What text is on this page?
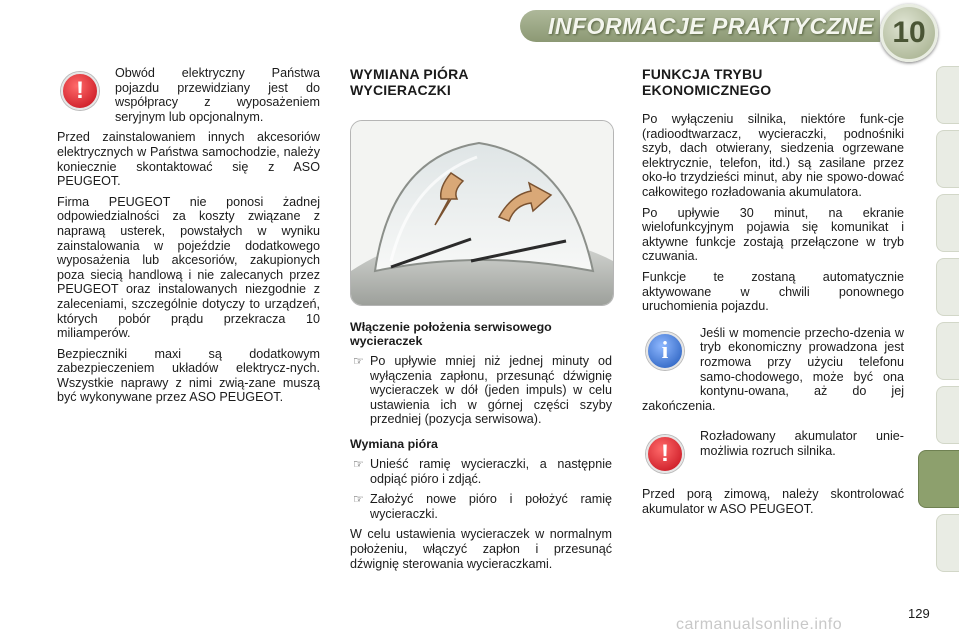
INFORMACJE PRAKTYCZNE 10
!

Obwód elektryczny Państwa pojazdu przewidziany jest do współpracy z wyposażeniem seryjnym lub opcjonalnym.

Przed zainstalowaniem innych akcesoriów elektrycznych w Państwa samochodzie, należy koniecznie skontaktować się z ASO PEUGEOT.

Firma PEUGEOT nie ponosi żadnej odpowiedzialności za koszty związane z naprawą usterek, powstałych w wyniku zainstalowania w pojeździe dodatkowego wyposażenia lub akcesoriów, zakupionych poza siecią handlową i nie zalecanych przez PEUGEOT oraz instalowanych niezgodnie z zaleceniami, szczególnie dotyczy to urządzeń, których pobór prądu przekracza 10 miliamperów.

Bezpieczniki maxi są dodatkowym zabezpieczeniem układów elektrycz-nych. Wszystkie naprawy z nimi zwią-zane muszą być wykonywane przez ASO PEUGEOT.

WYMIANA PIÓRA
WYCIERACZKI
Włączenie położenia serwisowego wycieraczek
☞ Po upływie mniej niż jednej minuty od wyłączenia zapłonu, przesunąć dźwignię wycieraczek w dół (jeden impuls) w celu ustawienia ich w górnej części szyby przedniej (pozycja serwisowa).
Wymiana pióra
☞ Unieść ramię wycieraczki, a następnie odpiąć pióro i zdjąć.
☞ Założyć nowe pióro i położyć ramię wycieraczki.

W celu ustawienia wycieraczek w normalnym położeniu, włączyć zapłon i przesunąć dźwignię sterowania wycieraczkami.

FUNKCJA TRYBU
EKONOMICZNEGO

Po wyłączeniu silnika, niektóre funk-cje (radioodtwarzacz, wycieraczki, podnośniki szyb, dach otwierany, siedzenia ogrzewane elektrycznie, telefon, itd.) są zasilane przez oko-ło trzydzieści minut, aby nie spowo-dować całkowitego rozładowania akumulatora.

Po upływie 30 minut, na ekranie wielofunkcyjnym pojawia się komunikat i aktywne funkcje zostają przełączone w tryb czuwania.

Funkcje te zostaną automatycznie aktywowane w chwili ponownego uruchomienia pojazdu.

i

Jeśli w momencie przecho-dzenia w tryb ekonomiczny prowadzona jest rozmowa przy użyciu telefonu samo-chodowego, może być ona kontynu-owana, aż do jej zakończenia.

!

Rozładowany akumulator unie-możliwia rozruch silnika.

Przed porą zimową, należy skontrolować akumulator w ASO PEUGEOT.

129
carmanualsonline.info
